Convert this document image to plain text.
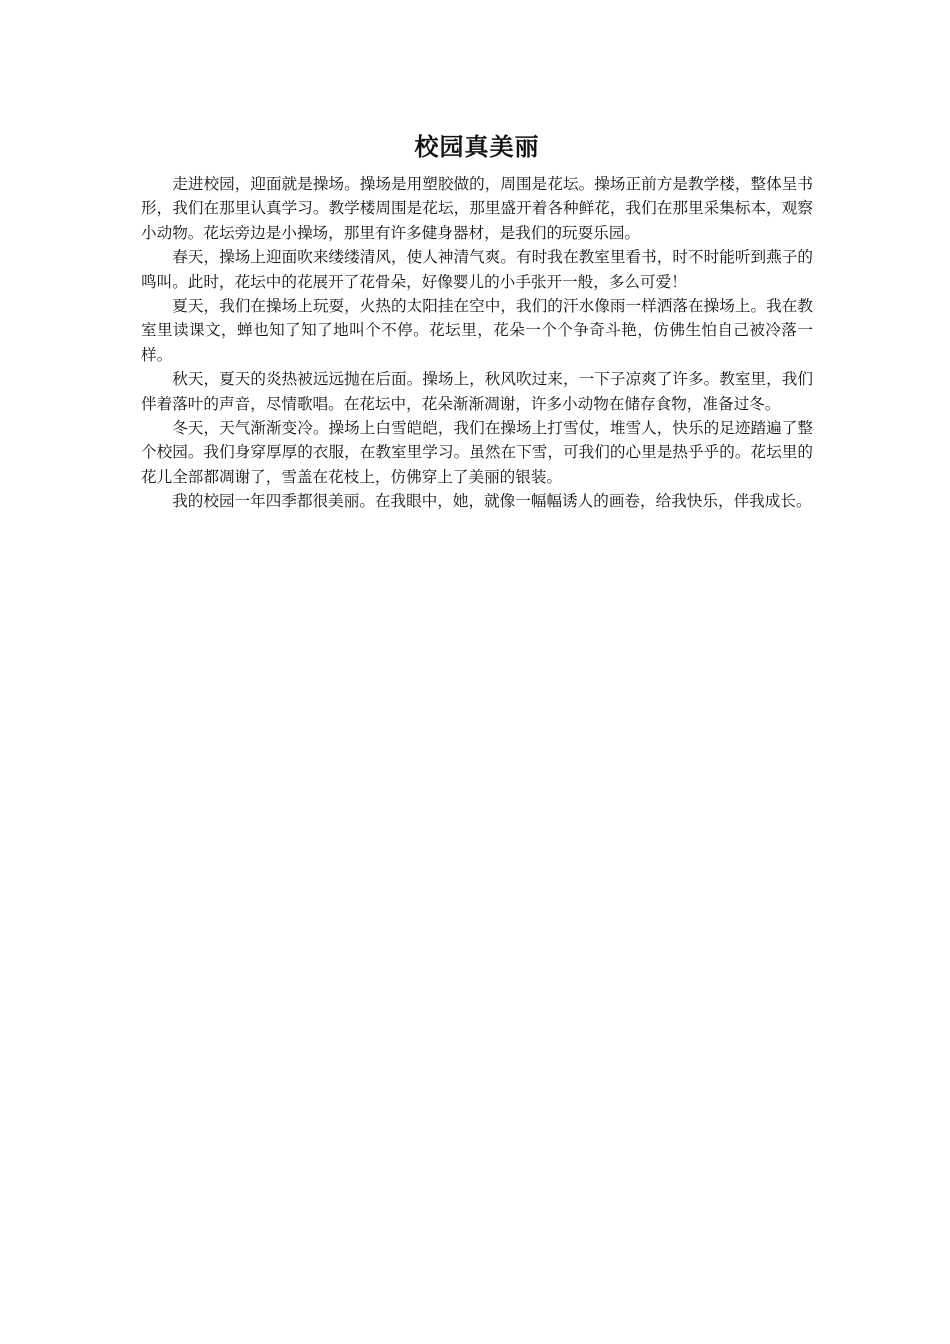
校园真美丽

走进校园，迎面就是操场。操场是用塑胶做的，周围是花坛。操场正前方是教学楼，整体呈书形，我们在那里认真学习。教学楼周围是花坛，那里盛开着各种鲜花，我们在那里采集标本，观察小动物。花坛旁边是小操场，那里有许多健身器材，是我们的玩耍乐园。

春天，操场上迎面吹来缕缕清风，使人神清气爽。有时我在教室里看书，时不时能听到燕子的鸣叫。此时，花坛中的花展开了花骨朵，好像婴儿的小手张开一般，多么可爱！

夏天，我们在操场上玩耍，火热的太阳挂在空中，我们的汗水像雨一样洒落在操场上。我在教室里读课文，蝉也知了知了地叫个不停。花坛里，花朵一个个争奇斗艳，仿佛生怕自己被冷落一样。

秋天，夏天的炎热被远远抛在后面。操场上，秋风吹过来，一下子凉爽了许多。教室里，我们伴着落叶的声音，尽情歌唱。在花坛中，花朵渐渐凋谢，许多小动物在储存食物，准备过冬。

冬天，天气渐渐变冷。操场上白雪皑皑，我们在操场上打雪仗，堆雪人，快乐的足迹踏遍了整个校园。我们身穿厚厚的衣服，在教室里学习。虽然在下雪，可我们的心里是热乎乎的。花坛里的花儿全部都凋谢了，雪盖在花枝上，仿佛穿上了美丽的银装。

我的校园一年四季都很美丽。在我眼中，她，就像一幅幅诱人的画卷，给我快乐，伴我成长。
